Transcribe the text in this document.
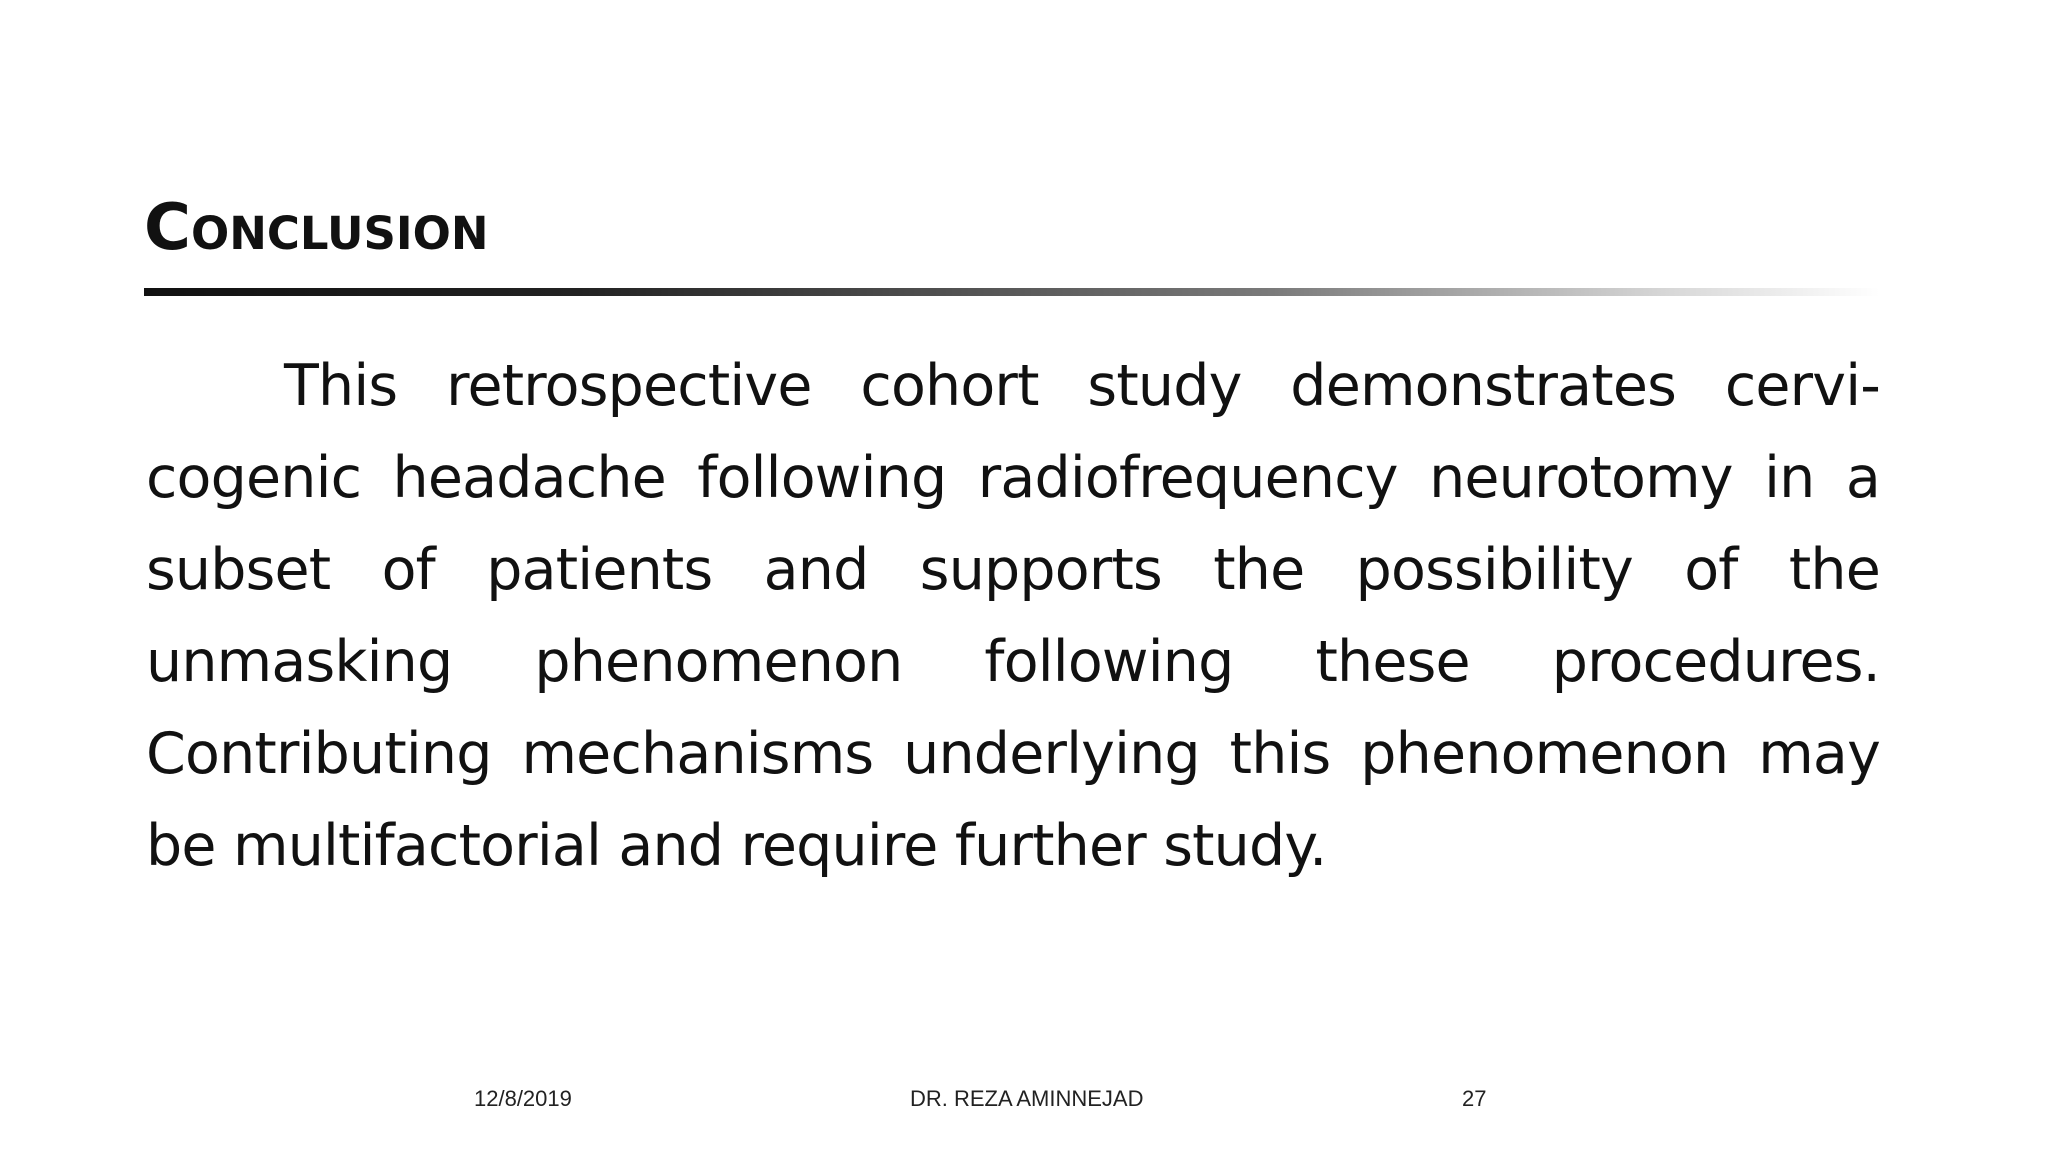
Conclusion
This retrospective cohort study demonstrates cervi-cogenic headache following radiofrequency neurotomy in a subset of patients and supports the possibility of the unmasking phenomenon following these procedures. Contributing mechanisms underlying this phenomenon may be multifactorial and require further study.
12/8/2019	DR. REZA AMINNEJAD	27
